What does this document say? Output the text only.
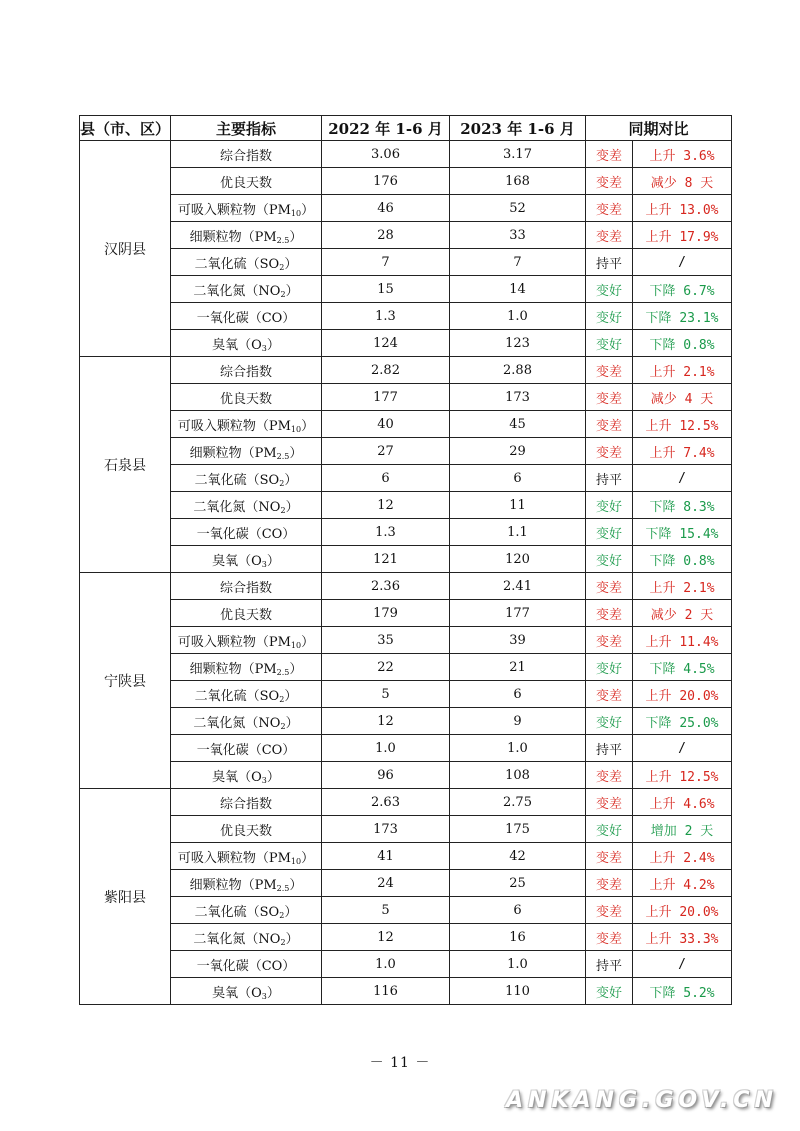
县（市、区）	主要指标	2022 年 1-6 月	2023 年 1-6 月	同期对比	
汉阴县	综合指数	3.06	3.17	变差	上升 3.6%
	优良天数	176	168	变差	减少 8 天
	可吸入颗粒物$(PM_{10})$	46	52	变差	上升 13.0%
	细颗粒物$(PM_{2.5})$	28	33	变差	上升 17.9%
	二氧化硫$(SO_2)$	7	7	持平	/
	二氧化氮$(NO_2)$	15	14	变好	下降 6.7%
	一氧化碳（CO）	1.3	1.0	变好	下降 23.1%
	臭氧$(O_3)$	124	123	变好	下降 0.8%
石泉县	综合指数	2.82	2.88	变差	上升 2.1%
	优良天数	177	173	变差	减少 4 天
	可吸入颗粒物$(PM_{10})$	40	45	变差	上升 12.5%
	细颗粒物$(PM_{2.5})$	27	29	变差	上升 7.4%
	二氧化硫$(SO_2)$	6	6	持平	/
	二氧化氮$(NO_2)$	12	11	变好	下降 8.3%
	一氧化碳（CO）	1.3	1.1	变好	下降 15.4%
	臭氧$(O_3)$	121	120	变好	下降 0.8%
宁陕县	综合指数	2.36	2.41	变差	上升 2.1%
	优良天数	179	177	变差	减少 2 天
	可吸入颗粒物$(PM_{10})$	35	39	变差	上升 11.4%
	细颗粒物$(PM_{2.5})$	22	21	变好	下降 4.5%
	二氧化硫$(SO_2)$	5	6	变差	上升 20.0%
	二氧化氮$(NO_2)$	12	9	变好	下降 25.0%
	一氧化碳（CO）	1.0	1.0	持平	/
	臭氧$(O_3)$	96	108	变差	上升 12.5%
紫阳县	综合指数	2.63	2.75	变差	上升 4.6%
	优良天数	173	175	变好	增加 2 天
	可吸入颗粒物$(PM_{10})$	41	42	变差	上升 2.4%
	细颗粒物$(PM_{2.5})$	24	25	变差	上升 4.2%
	二氧化硫$(SO_2)$	5	6	变差	上升 20.0%
	二氧化氮$(NO_2)$	12	16	变差	上升 33.3%
	一氧化碳（CO）	1.0	1.0	持平	/
	臭氧$(O_3)$	116	110	变好	下降 5.2%
－ 11 －
ANKANG.GOV.CN
